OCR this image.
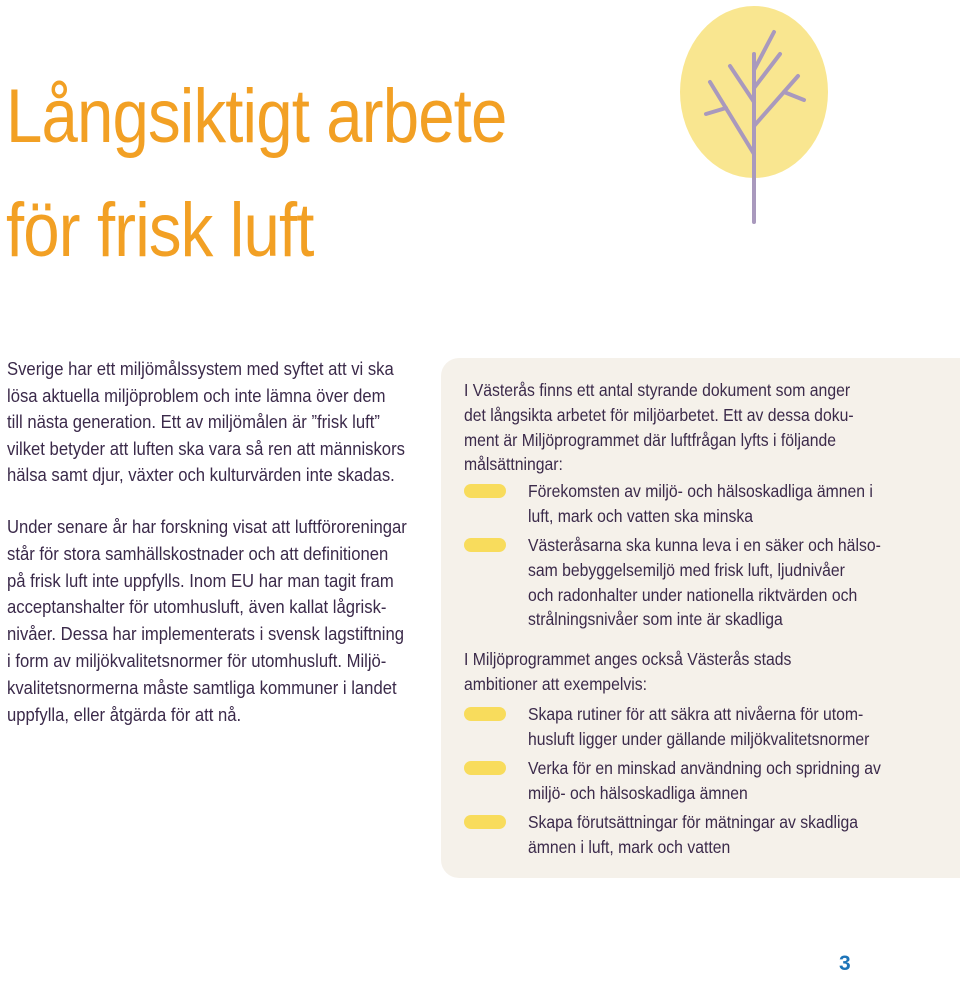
Långsiktigt arbete
för frisk luft

Sverige har ett miljömålssystem med syftet att vi ska
lösa aktuella miljöproblem och inte lämna över dem
till nästa generation. Ett av miljömålen är ”frisk luft”
vilket betyder att luften ska vara så ren att människors
hälsa samt djur, växter och kulturvärden inte skadas.

Under senare år har forskning visat att luftföroreningar
står för stora samhällskostnader och att definitionen
på frisk luft inte uppfylls. Inom EU har man tagit fram
acceptanshalter för utomhusluft, även kallat lågrisk-
nivåer. Dessa har implementerats i svensk lagstiftning
i form av miljökvalitetsnormer för utomhusluft. Miljö-
kvalitetsnormerna måste samtliga kommuner i landet
uppfylla, eller åtgärda för att nå.

I Västerås finns ett antal styrande dokument som anger
det långsikta arbetet för miljöarbetet. Ett av dessa doku-
ment är Miljöprogrammet där luftfrågan lyfts i följande
målsättningar:
Förekomsten av miljö- och hälsoskadliga ämnen i
luft, mark och vatten ska minska
Västeråsarna ska kunna leva i en säker och hälso-
sam bebyggelsemiljö med frisk luft, ljudnivåer
och radonhalter under nationella riktvärden och
strålningsnivåer som inte är skadliga
I Miljöprogrammet anges också Västerås stads
ambitioner att exempelvis:
Skapa rutiner för att säkra att nivåerna för utom-
husluft ligger under gällande miljökvalitetsnormer
Verka för en minskad användning och spridning av
miljö- och hälsoskadliga ämnen
Skapa förutsättningar för mätningar av skadliga
ämnen i luft, mark och vatten
3
